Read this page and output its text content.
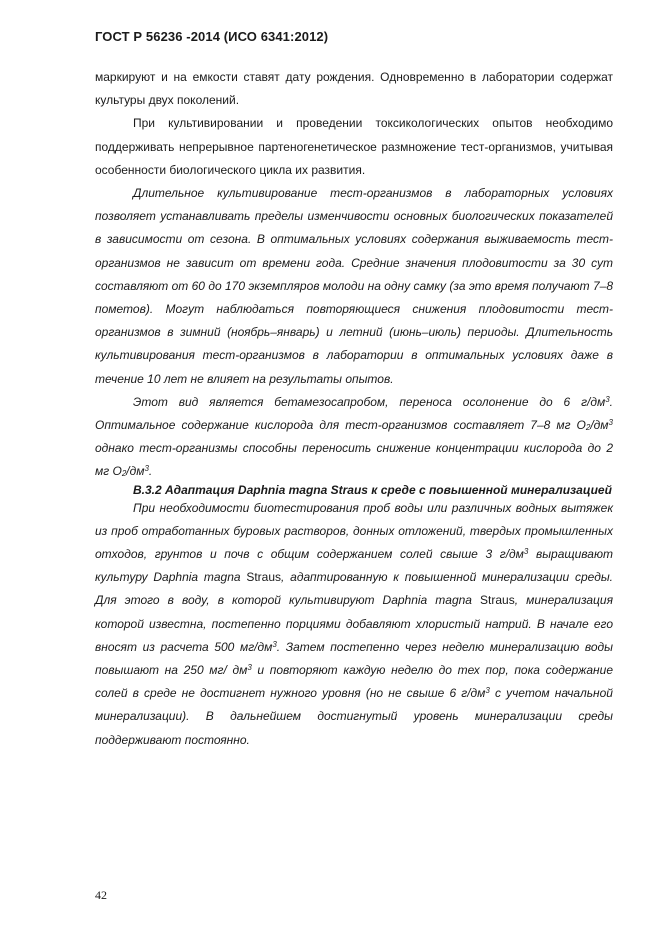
ГОСТ Р 56236 -2014 (ИСО 6341:2012)

маркируют и на емкости ставят дату рождения. Одновременно в лаборатории содержат культуры двух поколений.

При культивировании и проведении токсикологических опытов необходимо поддерживать непрерывное партеногенетическое размножение тест-организмов, учитывая особенности биологического цикла их развития.

Длительное культивирование тест-организмов в лабораторных условиях позволяет устанавливать пределы изменчивости основных биологических показателей в зависимости от сезона. В оптимальных условиях содержания выживаемость тест-организмов не зависит от времени года. Средние значения плодовитости за 30 сут составляют от 60 до 170 экземпляров молоди на одну самку (за это время получают 7–8 пометов). Могут наблюдаться повторяющиеся снижения плодовитости тест-организмов в зимний (ноябрь–январь) и летний (июнь–июль) периоды. Длительность культивирования тест-организмов в лаборатории в оптимальных условиях даже в течение 10 лет не влияет на результаты опытов.

Этот вид является бетамезосапробом, переноса осолонение до 6 $г/дм^3$. Оптимальное содержание кислорода для тест-организмов составляет 7–8 мг $O_2/дм^3$ однако тест-организмы способны переносить снижение концентрации кислорода до 2 мг $O_2/дм^3$.

В.3.2 Адаптация Daphnia magna Straus к среде с повышенной минерализацией

При необходимости биотестирования проб воды или различных водных вытяжек из проб отработанных буровых растворов, донных отложений, твердых промышленных отходов, грунтов и почв с общим содержанием солей свыше 3 $г/дм^3$ выращивают культуру Daphnia magna Straus, адаптированную к повышенной минерализации среды. Для этого в воду, в которой культивируют Daphnia magna Straus, минерализация которой известна, постепенно порциями добавляют хлористый натрий. В начале его вносят из расчета 500 $мг/дм^3$. Затем постепенно через неделю минерализацию воды повышают на 250 мг/ $дм^3$ и повторяют каждую неделю до тех пор, пока содержание солей в среде не достигнет нужного уровня (но не свыше 6 $г/дм^3$ с учетом начальной минерализации). В дальнейшем достигнутый уровень минерализации среды поддерживают постоянно.

42
